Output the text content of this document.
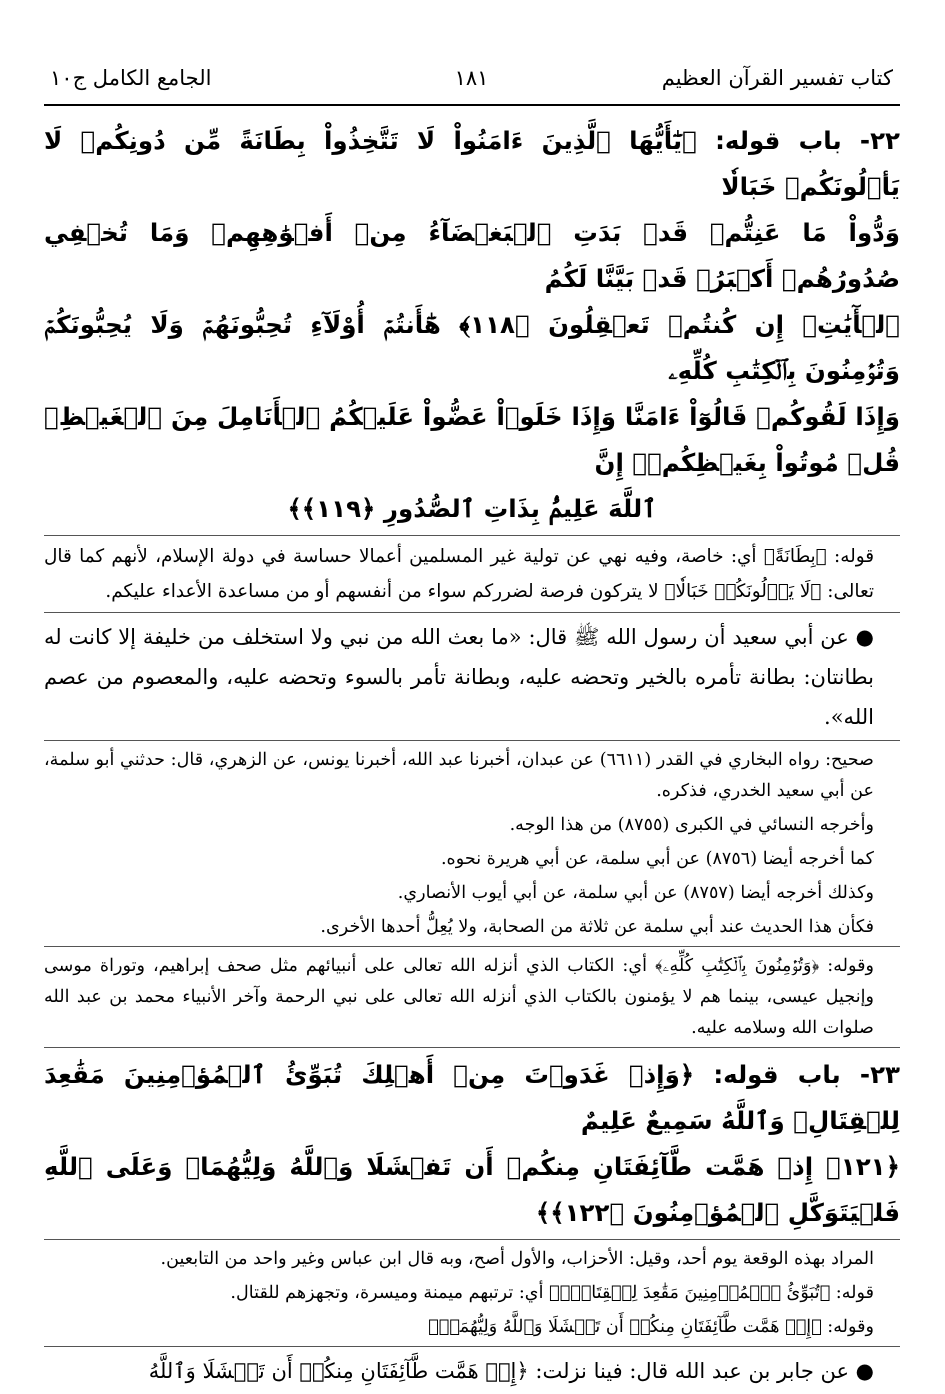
كتاب تفسير القرآن العظيم
١٨١
الجامع الكامل ج١٠
٢٢- باب قوله: ﴿يَٰٓأَيُّهَا ٱلَّذِينَ ءَامَنُواْ لَا تَتَّخِذُواْ بِطَانَةً مِّن دُونِكُمۡ لَا يَأۡلُونَكُمۡ خَبَالٗا
وَدُّواْ مَا عَنِتُّمۡ قَدۡ بَدَتِ ٱلۡبَغۡضَآءُ مِنۡ أَفۡوَٰهِهِمۡ وَمَا تُخۡفِي صُدُورُهُمۡ أَكۡبَرُۚ قَدۡ بَيَّنَّا لَكُمُ
ٱلۡأٓيَٰتِۖ إِن كُنتُمۡ تَعۡقِلُونَ ﴿١١٨﴾ هَٰٓأَنتُمۡ أُوْلَآءِ تُحِبُّونَهُمۡ وَلَا يُحِبُّونَكُمۡ وَتُؤۡمِنُونَ بِٱلۡكِتَٰبِ كُلِّهِۦ
وَإِذَا لَقُوكُمۡ قَالُوٓاْ ءَامَنَّا وَإِذَا خَلَوۡاْ عَضُّواْ عَلَيۡكُمُ ٱلۡأَنَامِلَ مِنَ ٱلۡغَيۡظِۚ قُلۡ مُوتُواْ بِغَيۡظِكُمۡۗ إِنَّ
ٱللَّهَ عَلِيمُۢ بِذَاتِ ٱلصُّدُورِ ﴿١١٩﴾﴾

قوله: ﴿بِطَانَةً﴾ أي: خاصة، وفيه نهي عن تولية غير المسلمين أعمالا حساسة في دولة الإسلام، لأنهم كما قال تعالى: ﴿لَا يَأۡلُونَكُمۡ خَبَالٗا﴾ لا يتركون فرصة لضرركم سواء من أنفسهم أو من مساعدة الأعداء عليكم.

● عن أبي سعيد أن رسول الله ﷺ قال: «ما بعث الله من نبي ولا استخلف من خليفة إلا كانت له بطانتان: بطانة تأمره بالخير وتحضه عليه، وبطانة تأمر بالسوء وتحضه عليه، والمعصوم من عصم الله».

صحيح: رواه البخاري في القدر (٦٦١١) عن عبدان، أخبرنا عبد الله، أخبرنا يونس، عن الزهري، قال: حدثني أبو سلمة، عن أبي سعيد الخدري، فذكره.

وأخرجه النسائي في الكبرى (٨٧٥٥) من هذا الوجه.

كما أخرجه أيضا (٨٧٥٦) عن أبي سلمة، عن أبي هريرة نحوه.

وكذلك أخرجه أيضا (٨٧٥٧) عن أبي سلمة، عن أبي أيوب الأنصاري.

فكأن هذا الحديث عند أبي سلمة عن ثلاثة من الصحابة، ولا يُعِلُّ أحدها الأخرى.

وقوله: ﴿وَتُؤۡمِنُونَ بِٱلۡكِتَٰبِ كُلِّهِۦ﴾ أي: الكتاب الذي أنزله الله تعالى على أنبيائهم مثل صحف إبراهيم، وتوراة موسى وإنجيل عيسى، بينما هم لا يؤمنون بالكتاب الذي أنزله الله تعالى على نبي الرحمة وآخر الأنبياء محمد بن عبد الله صلوات الله وسلامه عليه.

٢٣- باب قوله: ﴿وَإِذۡ غَدَوۡتَ مِنۡ أَهۡلِكَ تُبَوِّئُ ٱلۡمُؤۡمِنِينَ مَقَٰعِدَ لِلۡقِتَالِۗ وَٱللَّهُ سَمِيعٌ عَلِيمٌ
﴿١٢١﴾ إِذۡ هَمَّت طَّآئِفَتَانِ مِنكُمۡ أَن تَفۡشَلَا وَٱللَّهُ وَلِيُّهُمَاۗ وَعَلَى ٱللَّهِ فَلۡيَتَوَكَّلِ ٱلۡمُؤۡمِنُونَ ﴿١٢٢﴾﴾

المراد بهذه الوقعة يوم أحد، وقيل: الأحزاب، والأول أصح، وبه قال ابن عباس وغير واحد من التابعين.

قوله: ﴿تُبَوِّئُ ٱلۡمُؤۡمِنِينَ مَقَٰعِدَ لِلۡقِتَالِۗ﴾ أي: ترتبهم ميمنة وميسرة، وتجهزهم للقتال.

وقوله: ﴿إِذۡ هَمَّت طَّآئِفَتَانِ مِنكُمۡ أَن تَفۡشَلَا وَٱللَّهُ وَلِيُّهُمَاۗ﴾

● عن جابر بن عبد الله قال: فينا نزلت: ﴿إِذۡ هَمَّت طَّآئِفَتَانِ مِنكُمۡ أَن تَفۡشَلَا وَٱللَّهُ
